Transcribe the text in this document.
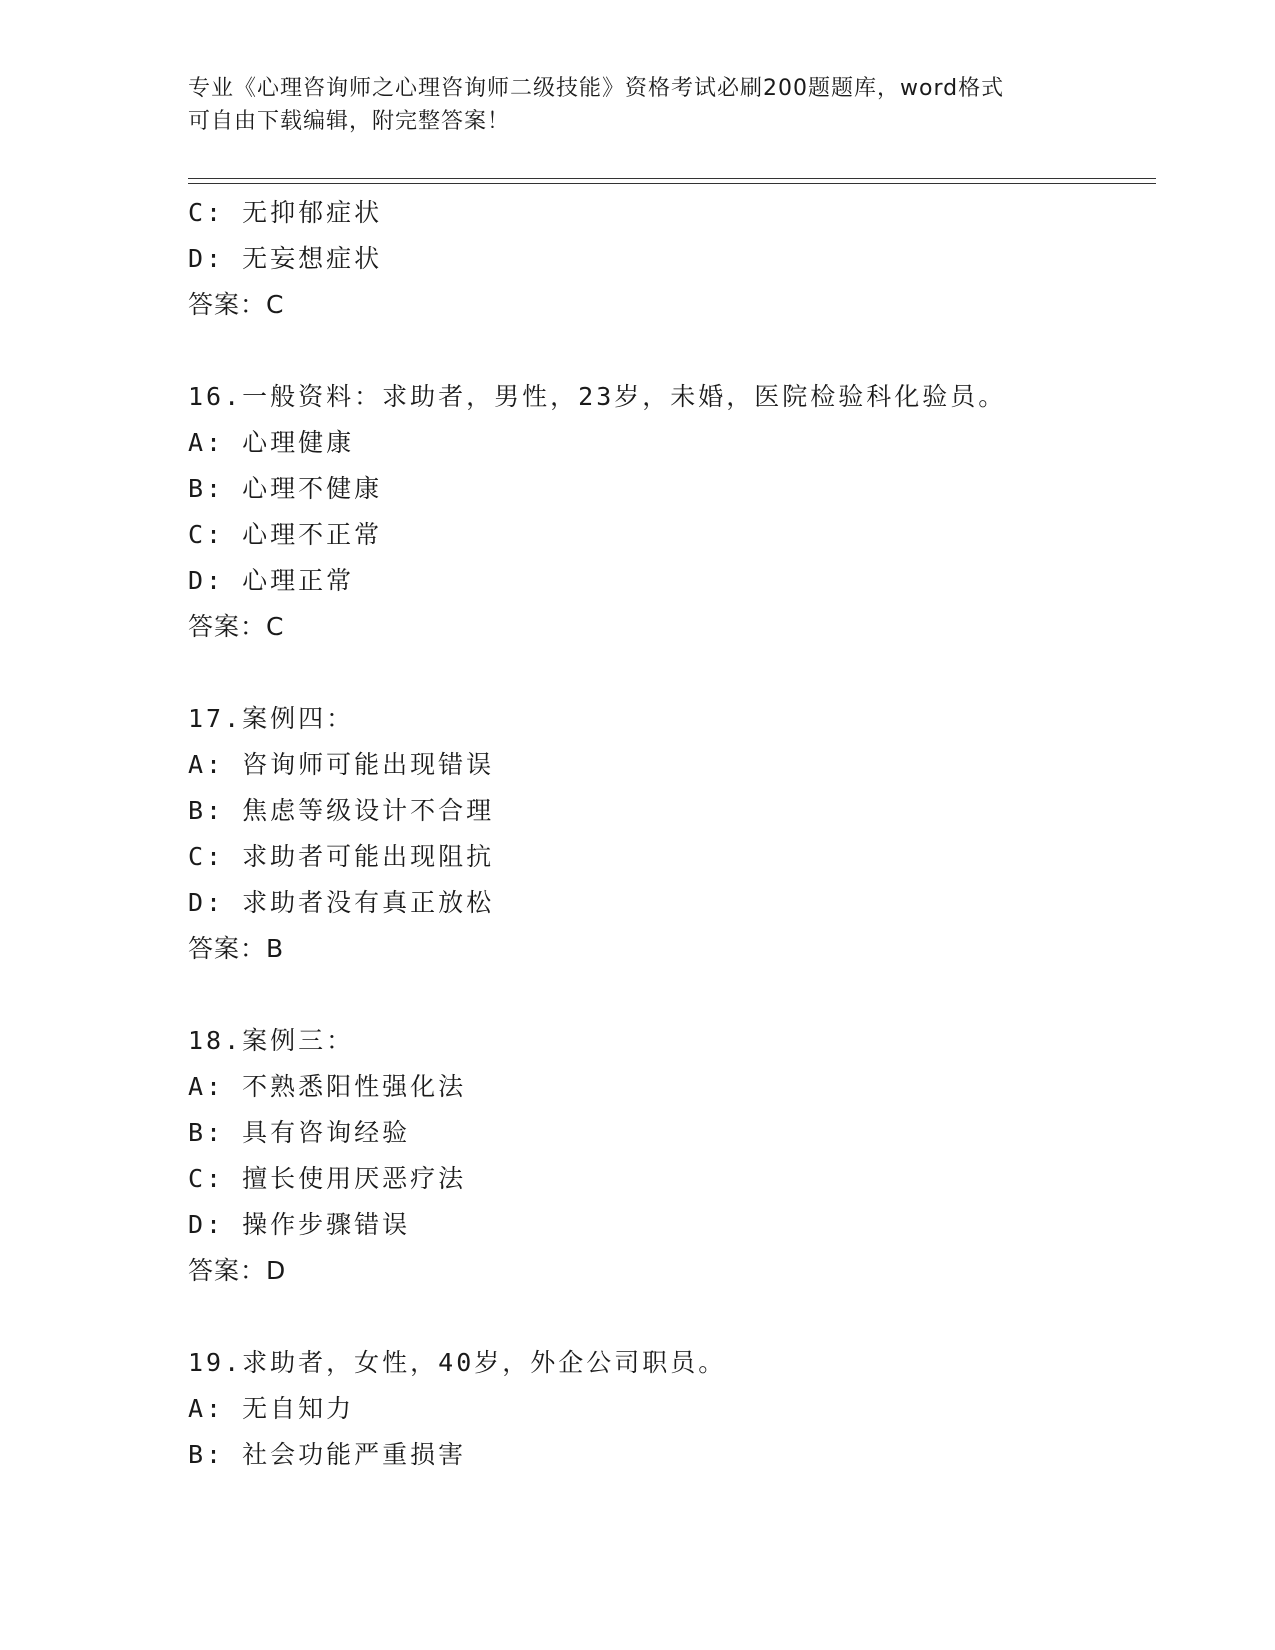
专业《心理咨询师之心理咨询师二级技能》资格考试必刷200题题库，word格式
可自由下载编辑，附完整答案！
C: 无抑郁症状
D: 无妄想症状
答案：C
16.一般资料：求助者，男性，23岁，未婚，医院检验科化验员。
A: 心理健康
B: 心理不健康
C: 心理不正常
D: 心理正常
答案：C
17.案例四：
A: 咨询师可能出现错误
B: 焦虑等级设计不合理
C: 求助者可能出现阻抗
D: 求助者没有真正放松
答案：B
18.案例三：
A: 不熟悉阳性强化法
B: 具有咨询经验
C: 擅长使用厌恶疗法
D: 操作步骤错误
答案：D
19.求助者，女性，40岁，外企公司职员。
A: 无自知力
B: 社会功能严重损害
